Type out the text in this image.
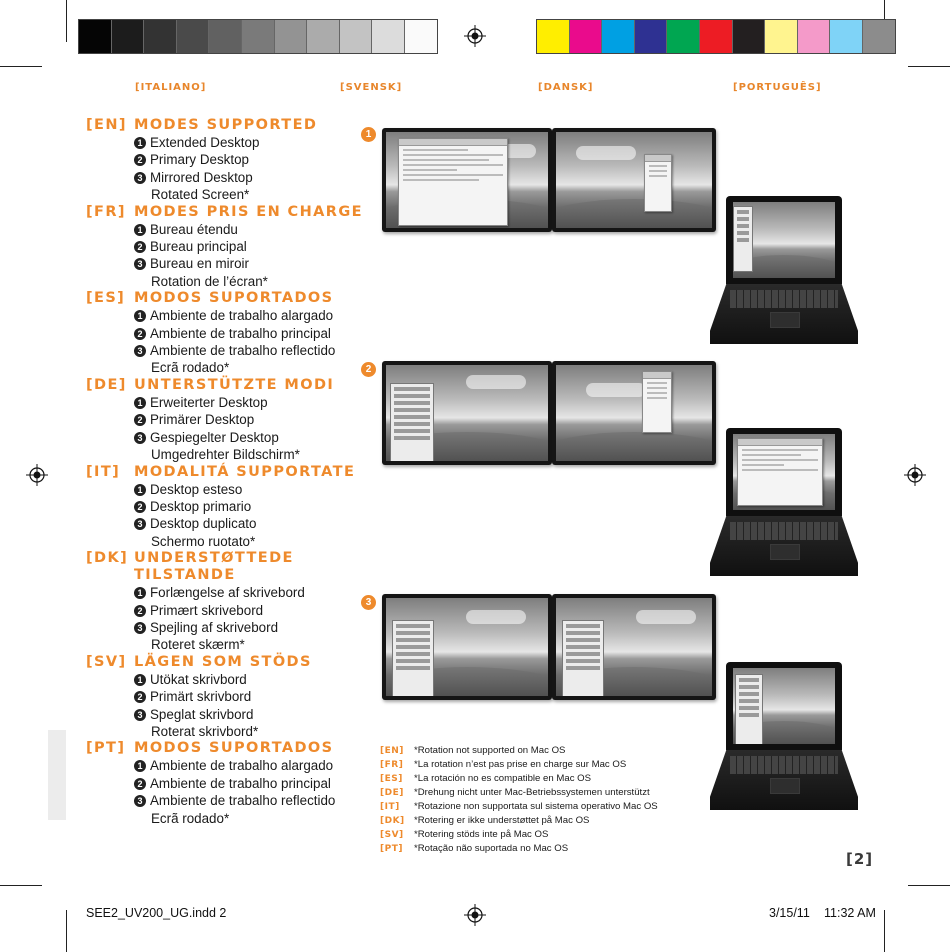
[ITALIANO]	[SVENSK]	[DANSK]	[PORTUGUÊS]
[EN] MODES SUPPORTED
1 Extended Desktop
2 Primary Desktop
3 Mirrored Desktop
Rotated Screen*
[FR] MODES PRIS EN CHARGE
1 Bureau étendu
2 Bureau principal
3 Bureau en miroir
Rotation de l’écran*
[ES] MODOS SUPORTADOS
1 Ambiente de trabalho alargado
2 Ambiente de trabalho principal
3 Ambiente de trabalho reflectido
Ecrã rodado*
[DE] UNTERSTÜTZTE MODI
1 Erweiterter Desktop
2 Primärer Desktop
3 Gespiegelter Desktop
Umgedrehter Bildschirm*
[IT] MODALITÁ SUPPORTATE
1 Desktop esteso
2 Desktop primario
3 Desktop duplicato
Schermo ruotato*
[DK] UNDERSTØTTEDE
TILSTANDE
1 Forlængelse af skrivebord
2 Primært skrivebord
3 Spejling af skrivebord
Roteret skærm*
[SV] LÄGEN SOM STÖDS
1 Utökat skrivbord
2 Primärt skrivbord
3 Speglat skrivbord
Roterat skrivbord*
[PT] MODOS SUPORTADOS
1 Ambiente de trabalho alargado
2 Ambiente de trabalho principal
3 Ambiente de trabalho reflectido
Ecrã rodado*
1
2
3
[EN] *Rotation not supported on Mac OS
[FR] *La rotation n’est pas prise en charge sur Mac OS
[ES] *La rotación no es compatible en Mac OS
[DE] *Drehung nicht unter Mac-Betriebssystemen unterstützt
[IT] *Rotazione non supportata sul sistema operativo Mac OS
[DK] *Rotering er ikke understøttet på Mac OS
[SV] *Rotering stöds inte på Mac OS
[PT] *Rotação não suportada no Mac OS
[2]
SEE2_UV200_UG.indd 2	3/15/11 11:32 AM
